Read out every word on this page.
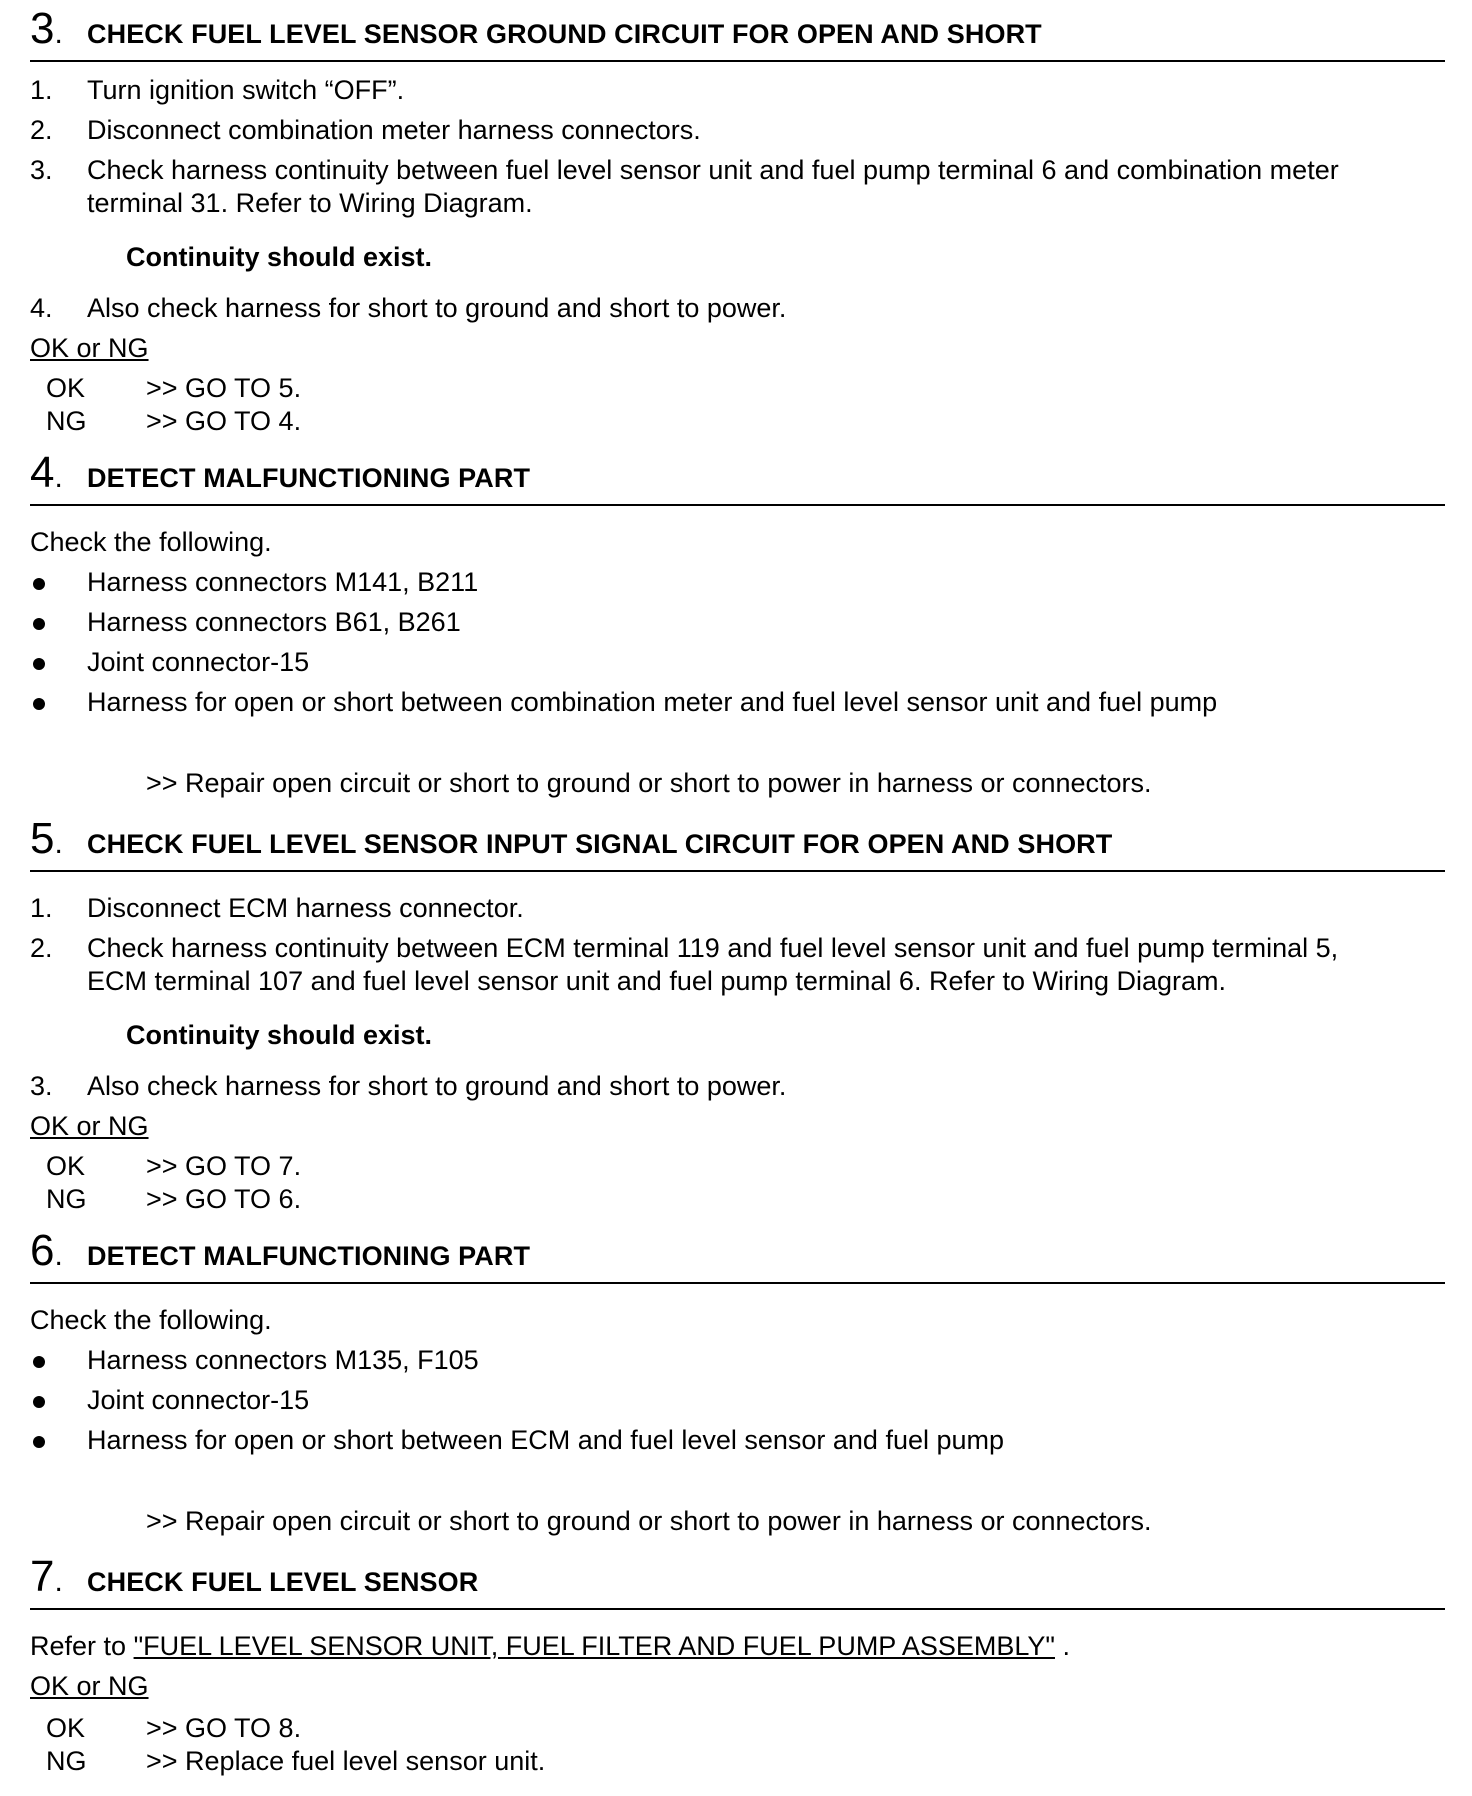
3 .	CHECK FUEL LEVEL SENSOR GROUND CIRCUIT FOR OPEN AND SHORT
1. Turn ignition switch “OFF”.
2. Disconnect combination meter harness connectors.
3. Check harness continuity between fuel level sensor unit and fuel pump terminal 6 and combination meter
terminal 31. Refer to Wiring Diagram.
Continuity should exist.
4. Also check harness for short to ground and short to power.
OK or NG
OK >> GO TO 5.
NG >> GO TO 4.
4 .	DETECT MALFUNCTIONING PART
Check the following.
Harness connectors M141, B211
Harness connectors B61, B261
Joint connector-15
Harness for open or short between combination meter and fuel level sensor unit and fuel pump
>> Repair open circuit or short to ground or short to power in harness or connectors.
5 .	CHECK FUEL LEVEL SENSOR INPUT SIGNAL CIRCUIT FOR OPEN AND SHORT
1. Disconnect ECM harness connector.
2. Check harness continuity between ECM terminal 119 and fuel level sensor unit and fuel pump terminal 5,
ECM terminal 107 and fuel level sensor unit and fuel pump terminal 6. Refer to Wiring Diagram.
Continuity should exist.
3. Also check harness for short to ground and short to power.
OK or NG
OK >> GO TO 7.
NG >> GO TO 6.
6 .	DETECT MALFUNCTIONING PART
Check the following.
Harness connectors M135, F105
Joint connector-15
Harness for open or short between ECM and fuel level sensor and fuel pump
>> Repair open circuit or short to ground or short to power in harness or connectors.
7 .	CHECK FUEL LEVEL SENSOR
Refer to "FUEL LEVEL SENSOR UNIT, FUEL FILTER AND FUEL PUMP ASSEMBLY" .
OK or NG
OK >> GO TO 8.
NG >> Replace fuel level sensor unit.
